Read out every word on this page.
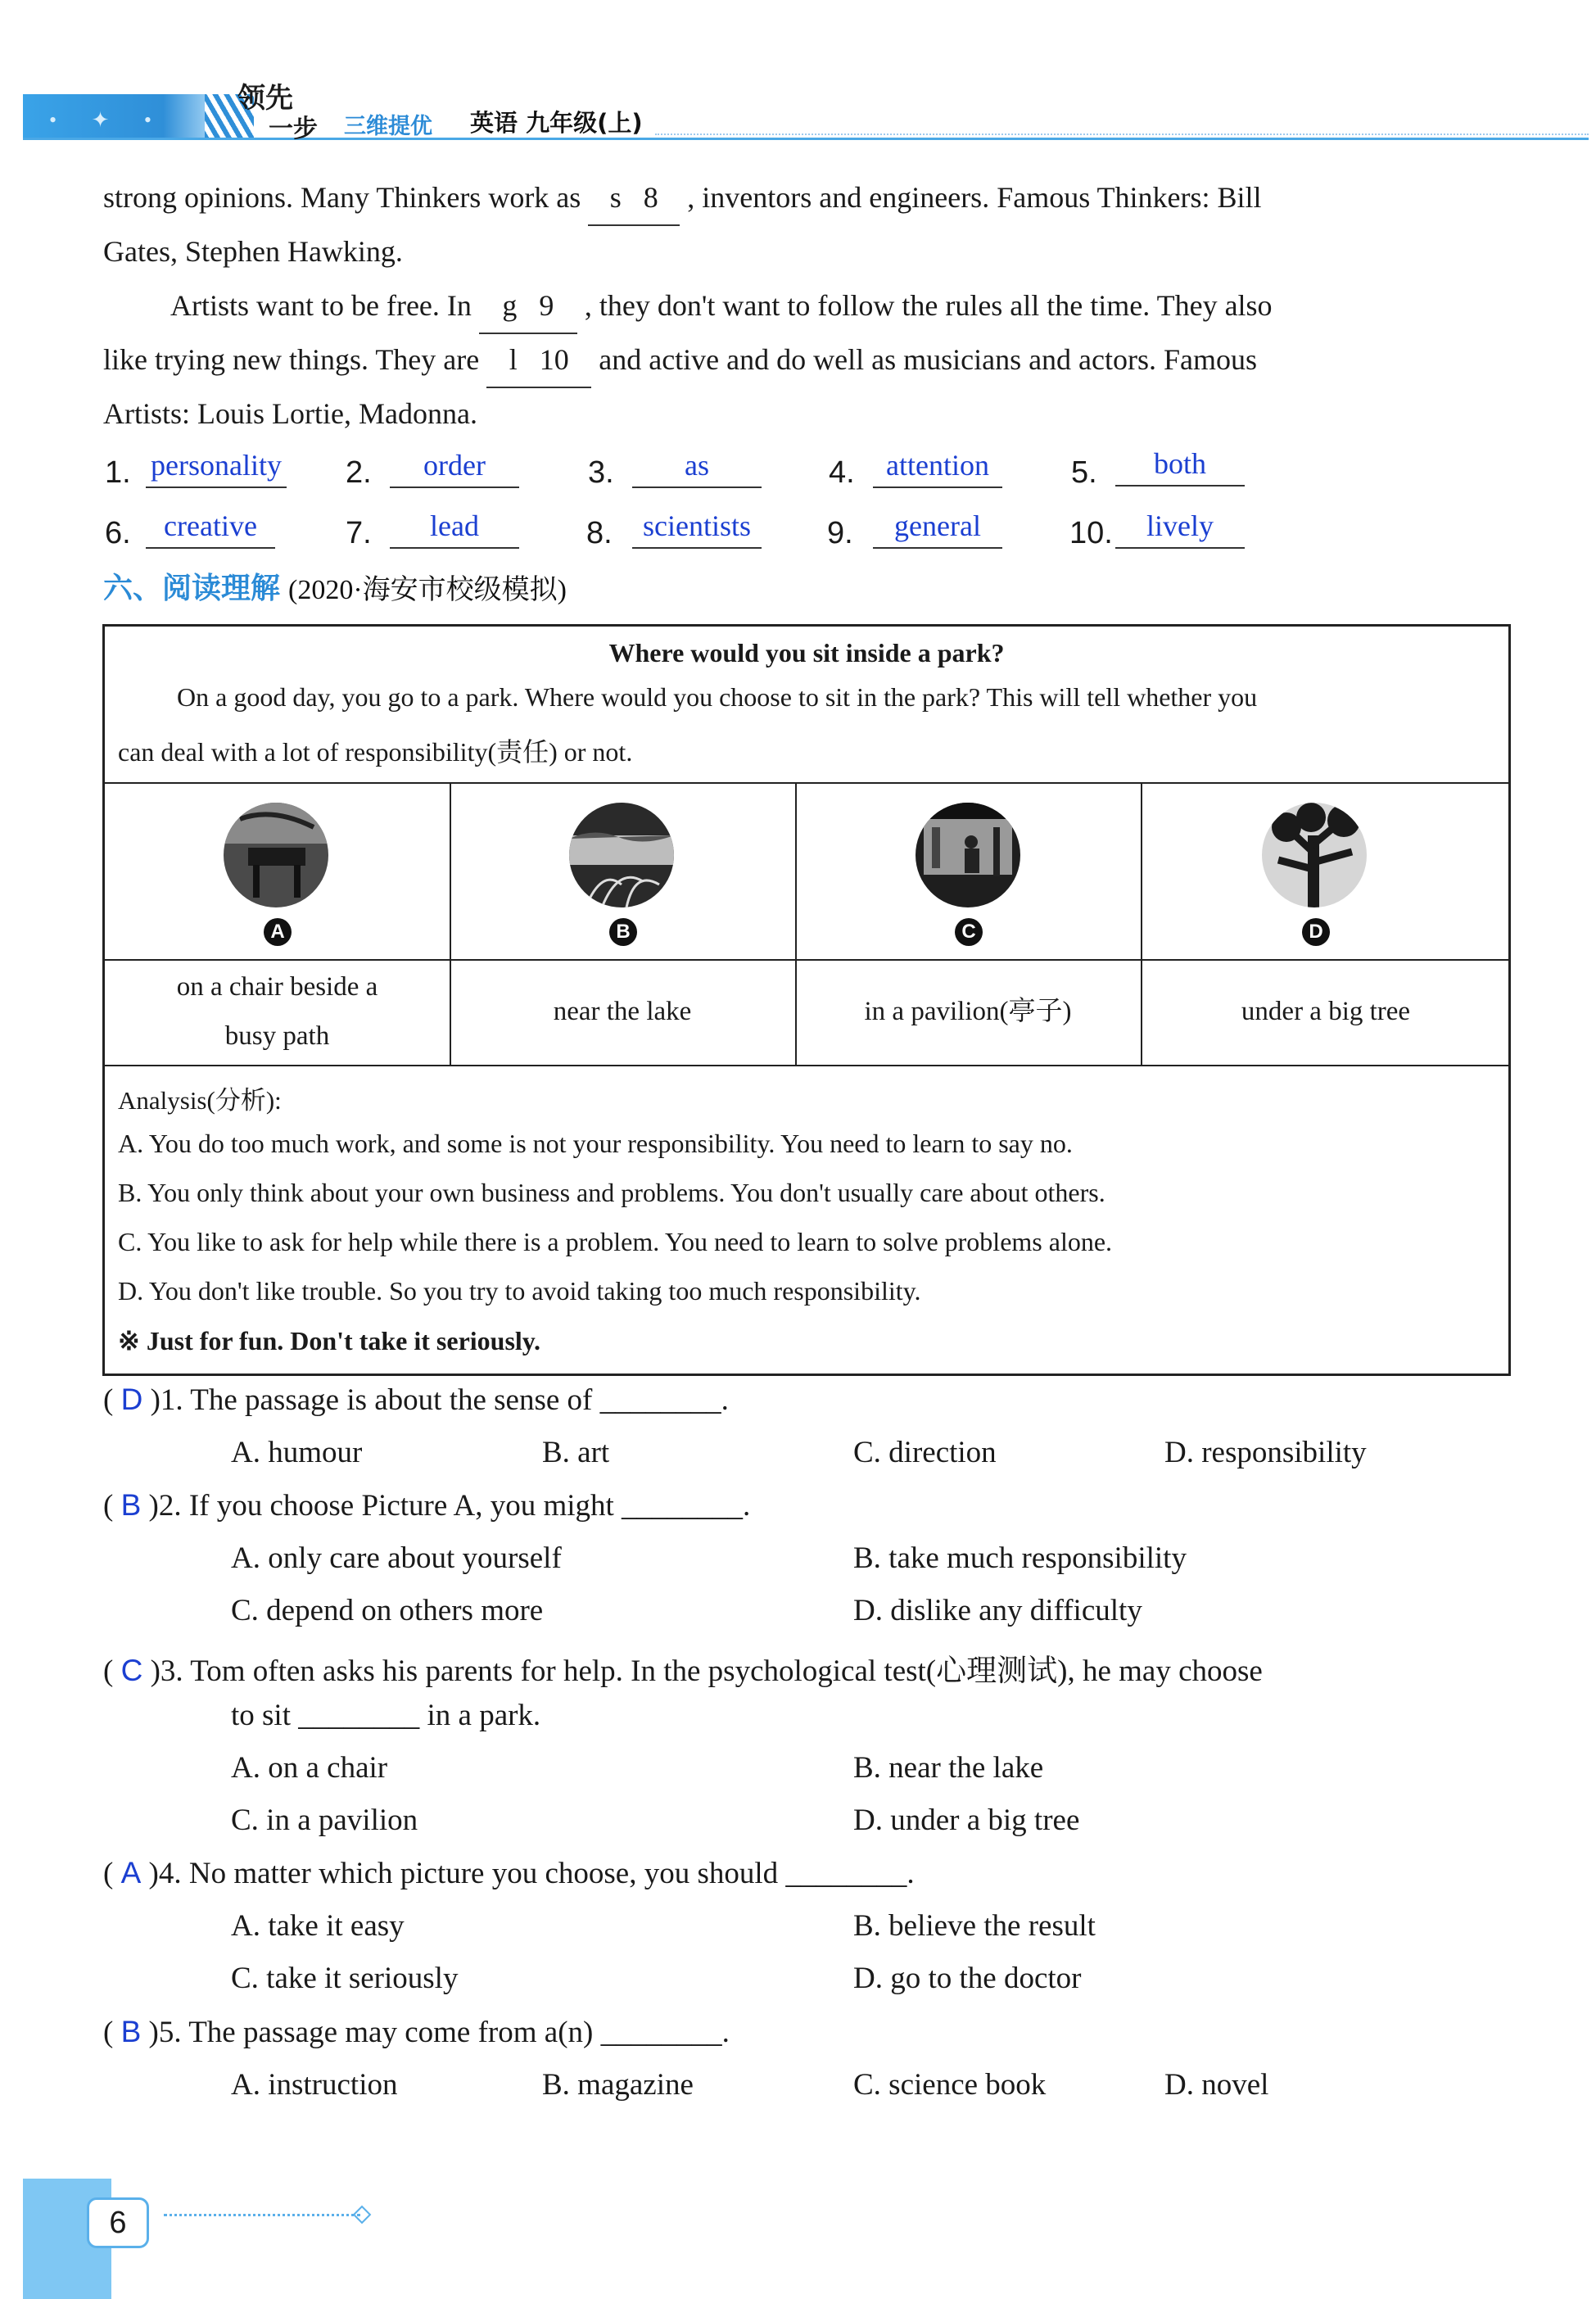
• ✦ •
领先
一步 三维提优 英语 九年级(上)
strong opinions. Many Thinkers work as s 8 , inventors and engineers. Famous Thinkers: Bill
Gates, Stephen Hawking.
Artists want to be free. In g 9 , they don't want to follow the rules all the time. They also
like trying new things. They are l 10 and active and do well as musicians and actors. Famous
Artists: Louis Lortie, Madonna.
1. personality 2.	order	3.	as	4.	attention	5.	both
6.	creative	7.	lead	8.	scientists	9.	general	10.	lively
六、阅读理解 (2020·海安市校级模拟)
Where would you sit inside a park?
On a good day, you go to a park. Where would you choose to sit in the park? This will tell whether you
can deal with a lot of responsibility(责任) or not.
A	B	C	D
on a chair beside a
busy path
near the lake	in a pavilion(亭子)	under a big tree
Analysis(分析):
A. You do too much work, and some is not your responsibility. You need to learn to say no.
B. You only think about your own business and problems. You don't usually care about others.
C. You like to ask for help while there is a problem. You need to learn to solve problems alone.
D. You don't like trouble. So you try to avoid taking too much responsibility.
※ Just for fun. Don't take it seriously.
( D )1. The passage is about the sense of ________.
A. humour	B. art	C. direction	D. responsibility
( B )2. If you choose Picture A, you might ________.
A. only care about yourself	B. take much responsibility
C. depend on others more	D. dislike any difficulty
( C )3. Tom often asks his parents for help. In the psychological test(心理测试), he may choose
to sit ________ in a park.
A. on a chair	B. near the lake
C. in a pavilion	D. under a big tree
( A )4. No matter which picture you choose, you should ________.
A. take it easy	B. believe the result
C. take it seriously	D. go to the doctor
( B )5. The passage may come from a(n) ________.
A. instruction	B. magazine	C. science book	D. novel
6
